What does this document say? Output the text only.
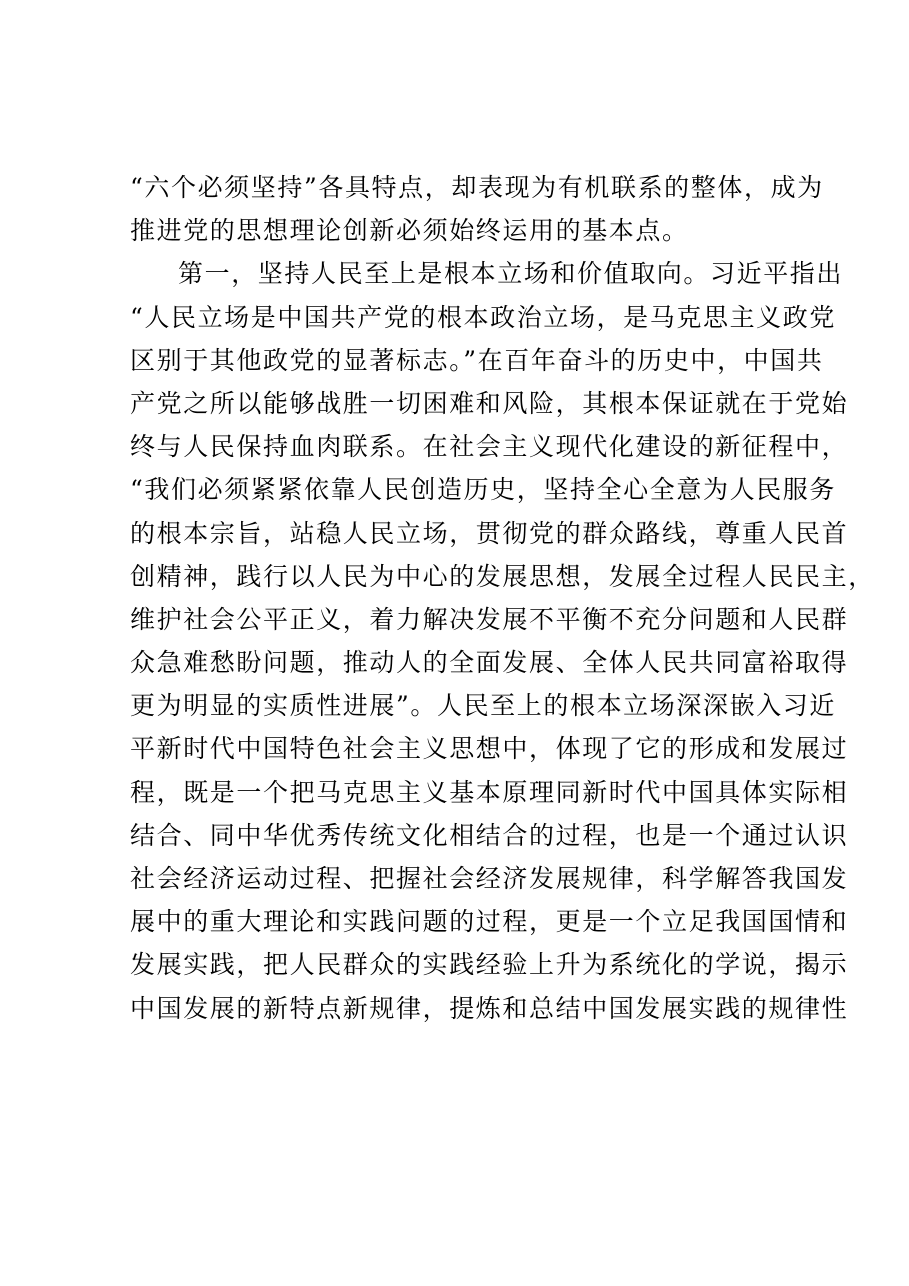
“六个必须坚持”各具特点，却表现为有机联系的整体，成为
推进党的思想理论创新必须始终运用的基本点。
第一，坚持人民至上是根本立场和价值取向。习近平指出
“人民立场是中国共产党的根本政治立场，是马克思主义政党
区别于其他政党的显著标志。”在百年奋斗的历史中，中国共
产党之所以能够战胜一切困难和风险，其根本保证就在于党始
终与人民保持血肉联系。在社会主义现代化建设的新征程中，
“我们必须紧紧依靠人民创造历史，坚持全心全意为人民服务
的根本宗旨，站稳人民立场，贯彻党的群众路线，尊重人民首
创精神，践行以人民为中心的发展思想，发展全过程人民民主，
维护社会公平正义，着力解决发展不平衡不充分问题和人民群
众急难愁盼问题，推动人的全面发展、全体人民共同富裕取得
更为明显的实质性进展”。人民至上的根本立场深深嵌入习近
平新时代中国特色社会主义思想中，体现了它的形成和发展过
程，既是一个把马克思主义基本原理同新时代中国具体实际相
结合、同中华优秀传统文化相结合的过程，也是一个通过认识
社会经济运动过程、把握社会经济发展规律，科学解答我国发
展中的重大理论和实践问题的过程，更是一个立足我国国情和
发展实践，把人民群众的实践经验上升为系统化的学说，揭示
中国发展的新特点新规律，提炼和总结中国发展实践的规律性
